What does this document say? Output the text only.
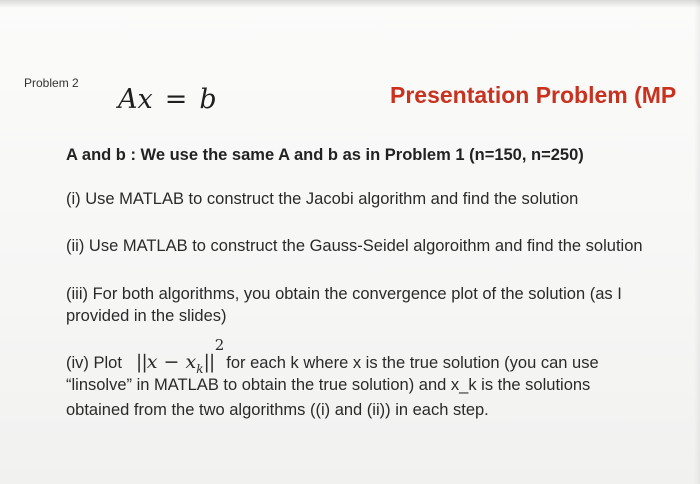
Problem 2
Ax = b	Presentation Problem (MP
A and b : We use the same A and b as in Problem 1 (n=150, n=250)
(i) Use MATLAB to construct the Jacobi algorithm and find the solution
(ii) Use MATLAB to construct the Gauss-Seidel algoroithm and find the solution
(iii) For both algorithms, you obtain the convergence plot of the solution (as I
provided in the slides)
(iv) Plot $||x - x_k||$
2
for each k where x is the true solution (you can use
“linsolve” in MATLAB to obtain the true solution) and x_k is the solutions
obtained from the two algorithms ((i) and (ii)) in each step.
